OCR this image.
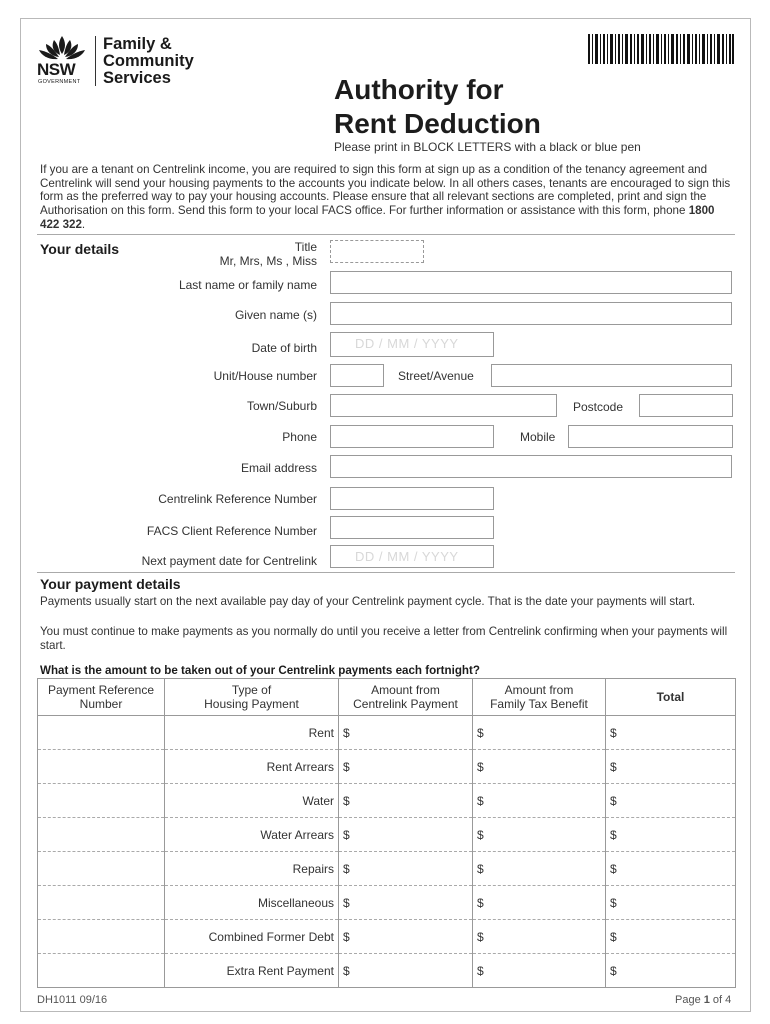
NSW
GOVERNMENT
Family &
Community
Services	Authority for
Rent Deduction
Please print in BLOCK LETTERS with a black or blue pen

If you are a tenant on Centrelink income, you are required to sign this form at sign up as a condition of the tenancy agreement and Centrelink will send your housing payments to the accounts you indicate below. In all others cases, tenants are encouraged to sign this form as the preferred way to pay your housing accounts. Please ensure that all relevant sections are completed, print and sign the Authorisation on this form. Send this form to your local FACS office. For further information or assistance with this form, phone 1800 422 322.

Your details	Title
Mr, Mrs, Ms , Miss
Last name or family name
Given name (s)
Date of birth	DD / MM / YYYY
Unit/House number	Street/Avenue
Town/Suburb	Postcode
Phone	Mobile
Email address
Centrelink Reference Number
FACS Client Reference Number
Next payment date for Centrelink	DD / MM / YYYY
Your payment details

Payments usually start on the next available pay day of your Centrelink payment cycle. That is the date your payments will start.

You must continue to make payments as you normally do until you receive a letter from Centrelink confirming when your payments will start.

What is the amount to be taken out of your Centrelink payments each fortnight?
Payment Reference
Number	Type of
Housing Payment	Amount from
Centrelink Payment	Amount from
Family Tax Benefit	Total
	Rent	$	$	$
	Rent Arrears	$	$	$
	Water	$	$	$
	Water Arrears	$	$	$
	Repairs	$	$	$
	Miscellaneous	$	$	$
	Combined Former Debt	$	$	$
	Extra Rent Payment	$	$	$
DH1011 09/16	Page 1 of 4
